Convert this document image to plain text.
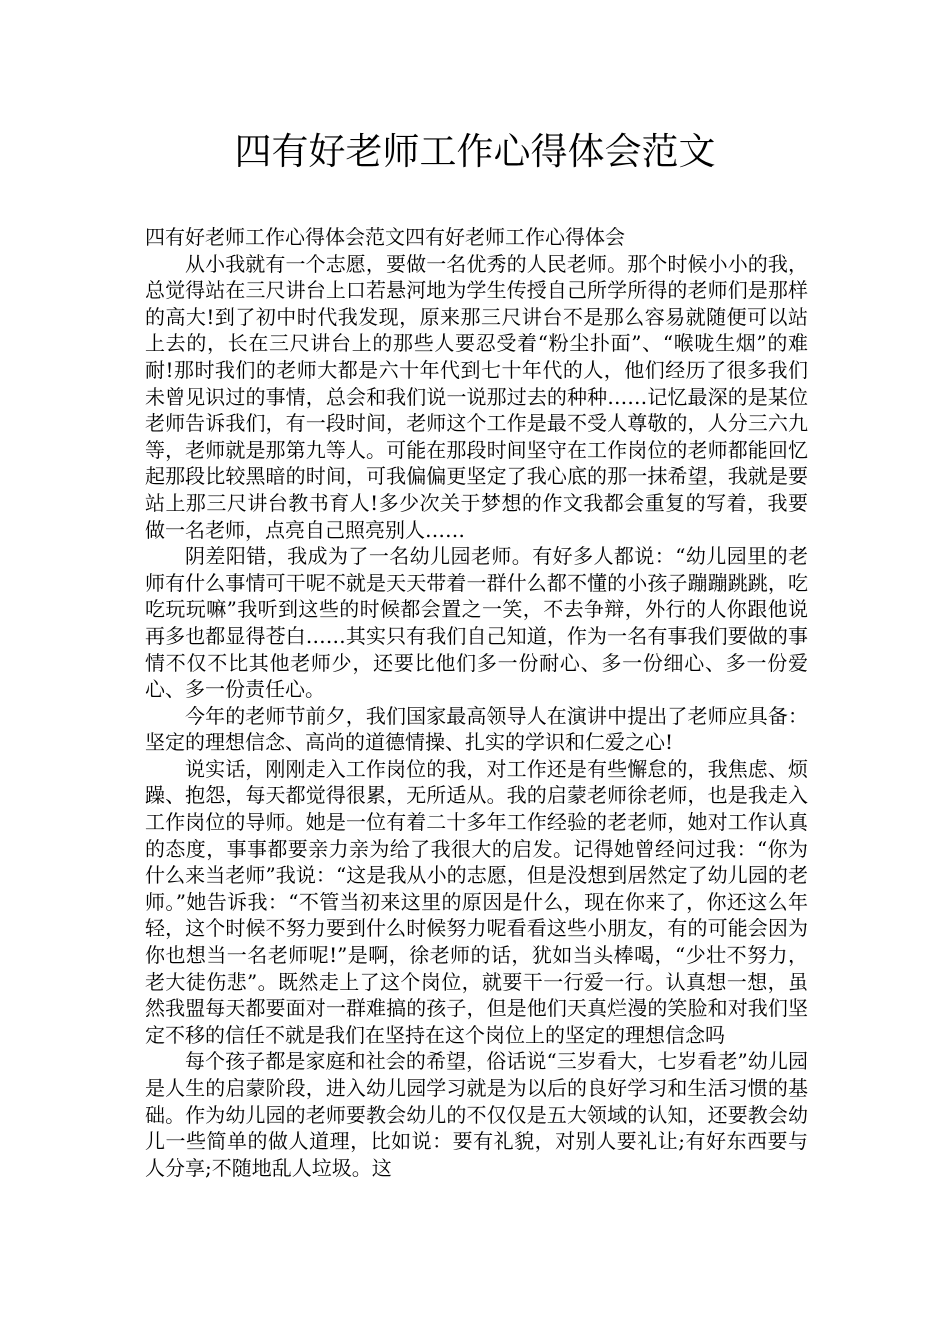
四有好老师工作心得体会范文

四有好老师工作心得体会范文四有好老师工作心得体会

从小我就有一个志愿，要做一名优秀的人民老师。那个时候小小的我，总觉得站在三尺讲台上口若悬河地为学生传授自己所学所得的老师们是那样的高大!到了初中时代我发现，原来那三尺讲台不是那么容易就随便可以站上去的，长在三尺讲台上的那些人要忍受着“粉尘扑面”、“喉咙生烟”的难耐!那时我们的老师大都是六十年代到七十年代的人，他们经历了很多我们未曾见识过的事情，总会和我们说一说那过去的种种……记忆最深的是某位老师告诉我们，有一段时间，老师这个工作是最不受人尊敬的，人分三六九等，老师就是那第九等人。可能在那段时间坚守在工作岗位的老师都能回忆起那段比较黑暗的时间，可我偏偏更坚定了我心底的那一抹希望，我就是要站上那三尺讲台教书育人!多少次关于梦想的作文我都会重复的写着，我要做一名老师，点亮自己照亮别人……

阴差阳错，我成为了一名幼儿园老师。有好多人都说：“幼儿园里的老师有什么事情可干呢不就是天天带着一群什么都不懂的小孩子蹦蹦跳跳，吃吃玩玩嘛”我听到这些的时候都会置之一笑，不去争辩，外行的人你跟他说再多也都显得苍白……其实只有我们自己知道，作为一名有事我们要做的事情不仅不比其他老师少，还要比他们多一份耐心、多一份细心、多一份爱心、多一份责任心。

今年的老师节前夕，我们国家最高领导人在演讲中提出了老师应具备：坚定的理想信念、高尚的道德情操、扎实的学识和仁爱之心!

说实话，刚刚走入工作岗位的我，对工作还是有些懈怠的，我焦虑、烦躁、抱怨，每天都觉得很累，无所适从。我的启蒙老师徐老师，也是我走入工作岗位的导师。她是一位有着二十多年工作经验的老老师，她对工作认真的态度，事事都要亲力亲为给了我很大的启发。记得她曾经问过我：“你为什么来当老师”我说：“这是我从小的志愿，但是没想到居然定了幼儿园的老师。”她告诉我：“不管当初来这里的原因是什么，现在你来了，你还这么年轻，这个时候不努力要到什么时候努力呢看看这些小朋友，有的可能会因为你也想当一名老师呢!”是啊，徐老师的话，犹如当头棒喝，“少壮不努力，老大徒伤悲”。既然走上了这个岗位，就要干一行爱一行。认真想一想，虽然我盟每天都要面对一群难搞的孩子，但是他们天真烂漫的笑脸和对我们坚定不移的信任不就是我们在坚持在这个岗位上的坚定的理想信念吗

每个孩子都是家庭和社会的希望，俗话说“三岁看大，七岁看老”幼儿园是人生的启蒙阶段，进入幼儿园学习就是为以后的良好学习和生活习惯的基础。作为幼儿园的老师要教会幼儿的不仅仅是五大领域的认知，还要教会幼儿一些简单的做人道理，比如说：要有礼貌，对别人要礼让;有好东西要与人分享;不随地乱人垃圾。这
